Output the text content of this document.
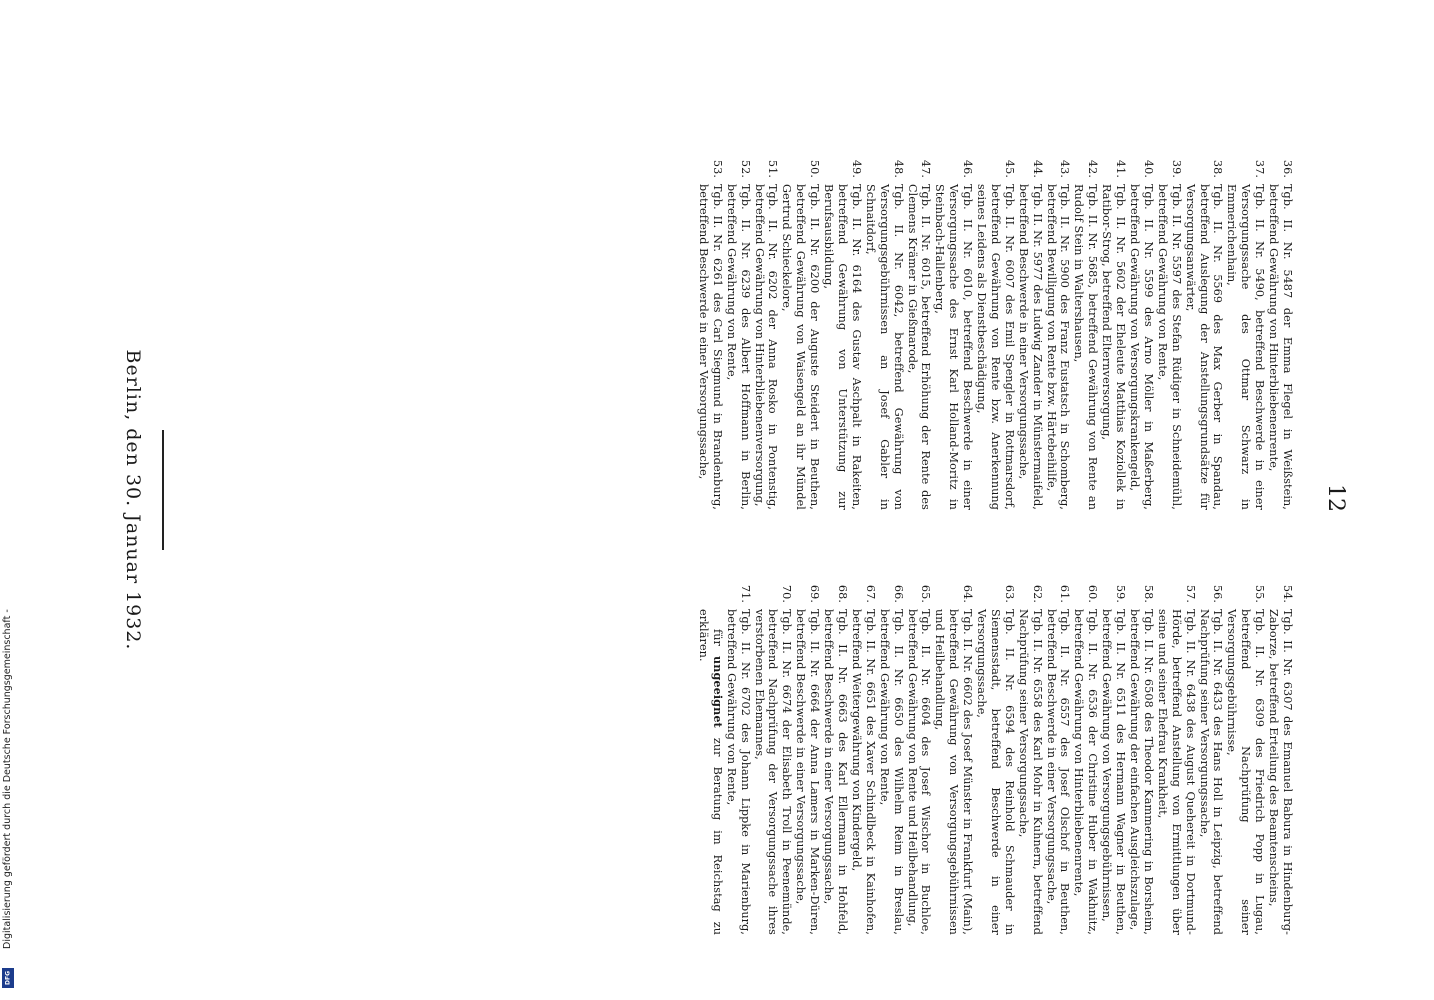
12

36.
Tgb. II. Nr. 5487 der Emma Flegel in Weißstein, betreffend Gewährung von Hinterbliebenenrente,

37.
Tgb. II. Nr. 5490, betreffend Beschwerde in einer Versorgungssache des Ottmar Schwarz in Emmerichenhain,

38.
Tgb. II. Nr. 5569 des Max Gerber in Spandau, betreffend Auslegung der Anstellungsgrundsätze für Versorgungsanwärter,

39.
Tgb. II. Nr. 5597 des Stefan Rüdiger in Schneidemühl, betreffend Gewährung von Rente,

40.
Tgb. II. Nr. 5599 des Arno Möller in Maßerberg, betreffend Gewährung von Versorgungskrankengeld,

41.
Tgb. II. Nr. 5602 der Eheleute Matthias Koziollek in Ratibor-Strog, betreffend Elternversorgung,

42.
Tgb. II. Nr. 5685, betreffend Gewährung von Rente an Rudolf Stein in Waltershausen,

43.
Tgb. II. Nr. 5900 des Franz Eustatsch in Schomberg, betreffend Bewilligung von Rente bzw. Härtebeihilfe,

44.
Tgb. II. Nr. 5977 des Ludwig Zander in Münstermaifeld, betreffend Beschwerde in einer Versorgungssache,

45.
Tgb. II. Nr. 6007 des Emil Spengler in Rottmarsdorf, betreffend Gewährung von Rente bzw. Anerkennung seines Leidens als Dienstbeschädigung,

46.
Tgb. II. Nr. 6010, betreffend Beschwerde in einer Versorgungssache des Ernst Karl Holland-Moritz in Steinbach-Hallenberg,

47.
Tgb. II. Nr. 6015, betreffend Erhöhung der Rente des Clemens Krämer in Gießmarode,

48.
Tgb. II. Nr. 6042, betreffend Gewährung von Versorgungsgebührnissen an Josef Gabler in Schnaitdorf,

49.
Tgb. II. Nr. 6164 des Gustav Aschpalt in Rakeiten, betreffend Gewährung von Unterstützung zur Berufsausbildung,

50.
Tgb. II. Nr. 6200 der Auguste Steidert in Beuthen, betreffend Gewährung von Waisengeld an ihr Mündel Gertrud Schieckelore,

51.
Tgb. II. Nr. 6202 der Anna Rosko in Pontenstig, betreffend Gewährung von Hinterbliebenenversorgung,

52.
Tgb. II. Nr. 6239 des Albert Hoffmann in Berlin, betreffend Gewährung von Rente,

53.
Tgb. II. Nr. 6261 des Carl Siegmund in Brandenburg, betreffend Beschwerde in einer Versorgungssache,

54.
Tgb. II. Nr. 6307 des Emanuel Babura in Hindenburg-Zaborze, betreffend Erteilung des Beamtenscheins,

55.
Tgb. II. Nr. 6309 des Friedrich Popp in Lugau, betreffend Nachprüfung seiner Versorgungsgebührnisse,

56.
Tgb. II. Nr. 6433 des Hans Holl in Leipzig, betreffend Nachprüfung seiner Versorgungssache,

57.
Tgb. II. Nr. 6438 des August Quehereit in Dortmund-Hörde, betreffend Anstellung von Ermittlungen über seine und seiner Ehefrau Krankheit,

58.
Tgb. II. Nr. 6508 des Theodor Kammering in Borsheim, betreffend Gewährung der einfachen Ausgleichszulage,

59.
Tgb. II. Nr. 6511 des Hermann Wagner in Beuthen, betreffend Gewährung von Versorgungsgebührnissen,

60.
Tgb. II. Nr. 6536 der Christine Huber in Wakhnitz, betreffend Gewährung von Hinterbliebenenrente,

61.
Tgb. II. Nr. 6557 des Josef Olschof in Beuthen, betreffend Beschwerde in einer Versorgungssache,

62.
Tgb. II. Nr. 6558 des Karl Mohr in Kuhnern, betreffend Nachprüfung seiner Versorgungssache,

63.
Tgb. II. Nr. 6594 des Reinhold Schmauder in Siemensstadt, betreffend Beschwerde in einer Versorgungssache,

64.
Tgb. II. Nr. 6602 des Josef Münster in Frankfurt (Main), betreffend Gewährung von Versorgungsgebührnissen und Heilbehandlung,

65.
Tgb. II. Nr. 6604 des Josef Wischor in Buchloe, betreffend Gewährung von Rente und Heilbehandlung,

66.
Tgb. II. Nr. 6650 des Wilhelm Reim in Breslau, betreffend Gewährung von Rente,

67.
Tgb. II. Nr. 6651 des Xaver Schindlbeck in Kainhofen, betreffend Weitergewährung von Kindergeld,

68.
Tgb. II. Nr. 6663 des Karl Ellermann in Hohfeld, betreffend Beschwerde in einer Versorgungssache,

69.
Tgb. II. Nr. 6664 der Anna Lamers in Marken-Düren, betreffend Beschwerde in einer Versorgungssache,

70.
Tgb. II. Nr. 6674 der Elisabeth Troll in Peenemünde, betreffend Nachprüfung der Versorgungssache ihres verstorbenen Ehemannes,

71.
Tgb. II. Nr. 6702 des Johann Lippke in Marienburg, betreffend Gewährung von Rente,

für ungeeignet zur Beratung im Reichstag zu erklären.

Berlin, den 30. Januar 1932.
Digitalisierung gefördert durch die Deutsche Forschungsgemeinschaft -
DFG
